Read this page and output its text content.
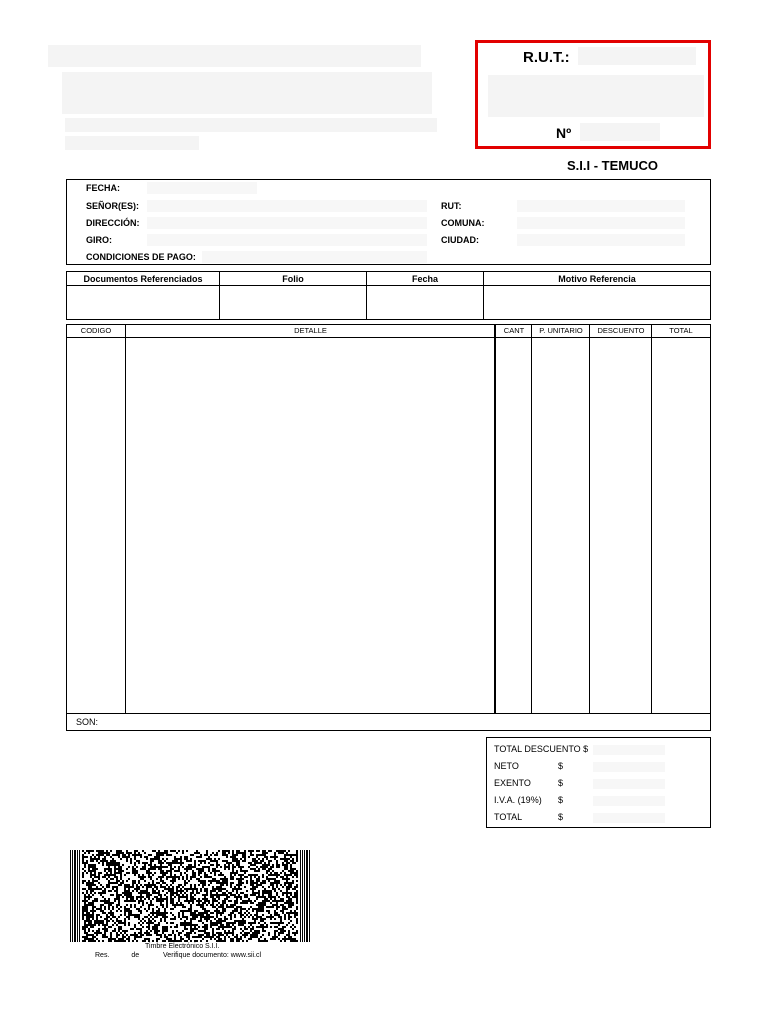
R.U.T.:
Nº
S.I.I - TEMUCO
FECHA:
SEÑOR(ES):
DIRECCIÓN:
GIRO:
CONDICIONES DE PAGO:
RUT:
COMUNA:
CIUDAD:
Documentos Referenciados	Folio	Fecha	Motivo Referencia

CODIGO	DETALLE	CANT	P. UNITARIO	DESCUENTO	TOTAL
SON:
TOTAL DESCUENTO $
NETO	$
EXENTO	$
I.V.A. (19%) $
TOTAL	$
Timbre Electrónico S.I.I.
Res.	de	Verifique documento: www.sii.cl
